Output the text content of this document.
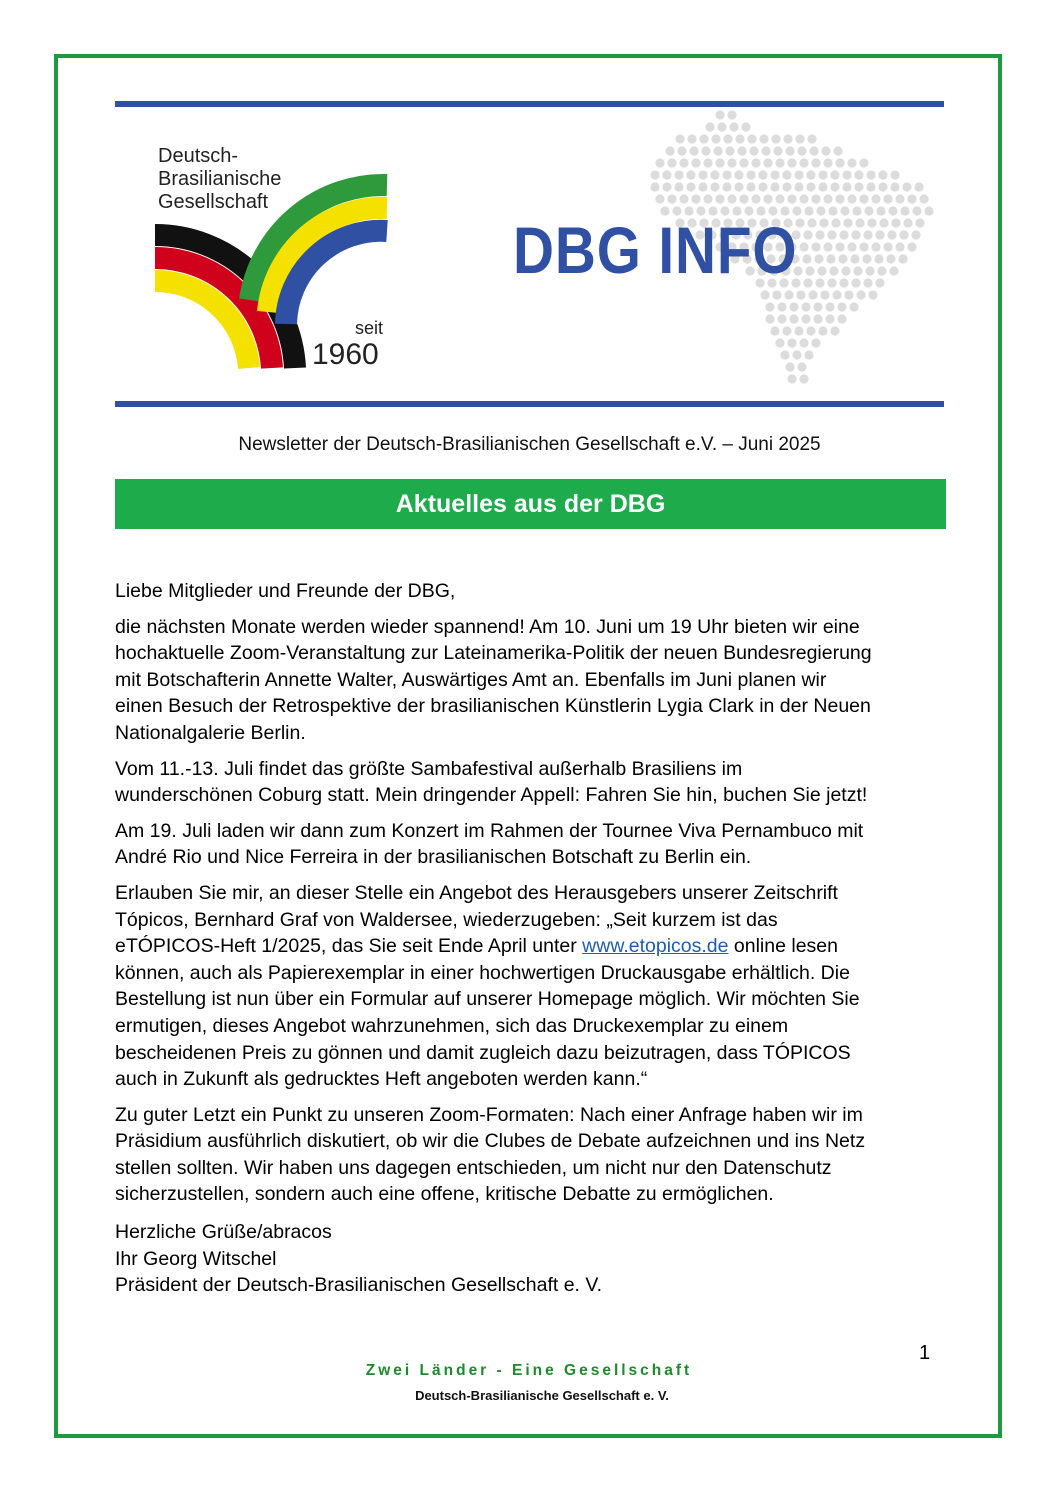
Deutsch-
Brasilianische
Gesellschaft
seit
1960
DBG INFO
Newsletter der Deutsch-Brasilianischen Gesellschaft e.V. – Juni 2025
Aktuelles aus der DBG

Liebe Mitglieder und Freunde der DBG,

die nächsten Monate werden wieder spannend! Am 10. Juni um 19 Uhr bieten wir eine
hochaktuelle Zoom-Veranstaltung zur Lateinamerika-Politik der neuen Bundesregierung
mit Botschafterin Annette Walter, Auswärtiges Amt an. Ebenfalls im Juni planen wir
einen Besuch der Retrospektive der brasilianischen Künstlerin Lygia Clark in der Neuen
Nationalgalerie Berlin.

Vom 11.-13. Juli findet das größte Sambafestival außerhalb Brasiliens im
wunderschönen Coburg statt. Mein dringender Appell: Fahren Sie hin, buchen Sie jetzt!

Am 19. Juli laden wir dann zum Konzert im Rahmen der Tournee Viva Pernambuco mit
André Rio und Nice Ferreira in der brasilianischen Botschaft zu Berlin ein.

Erlauben Sie mir, an dieser Stelle ein Angebot des Herausgebers unserer Zeitschrift
Tópicos, Bernhard Graf von Waldersee, wiederzugeben: „Seit kurzem ist das
eTÓPICOS-Heft 1/2025, das Sie seit Ende April unter www.etopicos.de online lesen
können, auch als Papierexemplar in einer hochwertigen Druckausgabe erhältlich. Die
Bestellung ist nun über ein Formular auf unserer Homepage möglich. Wir möchten Sie
ermutigen, dieses Angebot wahrzunehmen, sich das Druckexemplar zu einem
bescheidenen Preis zu gönnen und damit zugleich dazu beizutragen, dass TÓPICOS
auch in Zukunft als gedrucktes Heft angeboten werden kann.“

Zu guter Letzt ein Punkt zu unseren Zoom-Formaten: Nach einer Anfrage haben wir im
Präsidium ausführlich diskutiert, ob wir die Clubes de Debate aufzeichnen und ins Netz
stellen sollten. Wir haben uns dagegen entschieden, um nicht nur den Datenschutz
sicherzustellen, sondern auch eine offene, kritische Debatte zu ermöglichen.

Herzliche Grüße/abracos
Ihr Georg Witschel
Präsident der Deutsch-Brasilianischen Gesellschaft e. V.

1
Zwei Länder - Eine Gesellschaft
Deutsch-Brasilianische Gesellschaft e. V.
